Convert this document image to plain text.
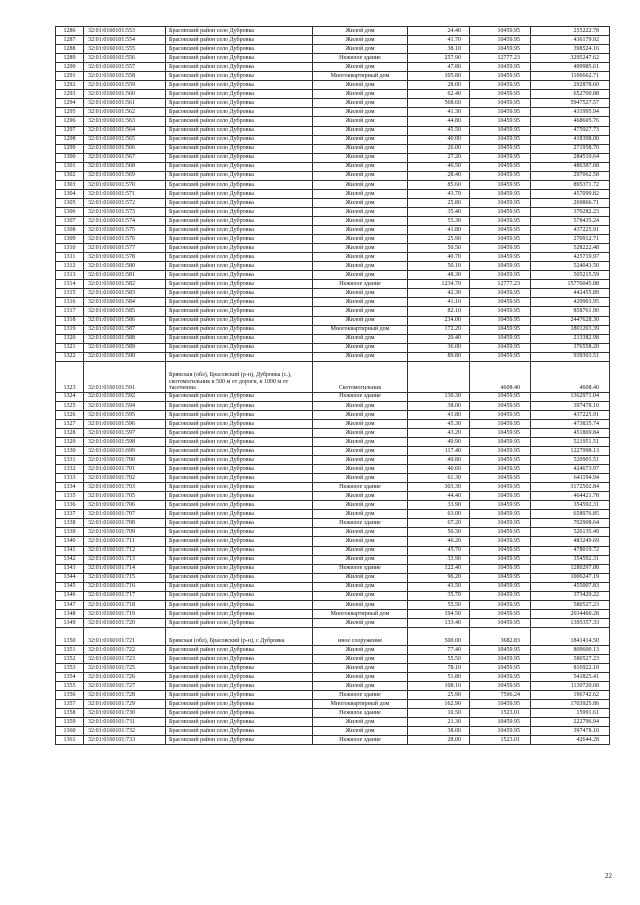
1286	32:01:0160101:553	Брасовский район село Дубровка	Жилой дом	24.40	10459.95	255222.78
1287	32:01:0160101:554	Брасовский район село Дубровка	Жилой дом	41.70	10459.95	436179.92
1288	32:01:0160101:555	Брасовский район село Дубровка	Жилой дом	38.10	10459.95	398524.16
1289	32:01:0160101:556	Брасовский район село Дубровка	Нежилое здание	257.90	12777.23	3295247.62
1290	32:01:0160101:557	Брасовский район село Дубровка	Жилой дом	47.80	10459.95	499985.61
1291	32:01:0160101:558	Брасовский район село Дубровка	Многоквартирный дом	105.80	10459.95	1106662.71
1292	32:01:0160101:559	Брасовский район село Дубровка	Жилой дом	28.00	10459.95	292878.60
1293	32:01:0160101:560	Брасовский район село Дубровка	Жилой дом	62.40	10459.95	652700.88
1294	32:01:0160101:561	Брасовский район село Дубровка	Жилой дом	568.60	10459.95	5947527.57
1295	32:01:0160101:562	Брасовский район село Дубровка	Жилой дом	41.30	10459.95	431995.94
1296	32:01:0160101:563	Брасовский район село Дубровка	Жилой дом	44.80	10459.95	468605.76
1297	32:01:0160101:564	Брасовский район село Дубровка	Жилой дом	45.50	10459.95	475927.73
1298	32:01:0160101:565	Брасовский район село Дубровка	Жилой дом	40.00	10459.95	418398.00
1299	32:01:0160101:566	Брасовский район село Дубровка	Жилой дом	26.00	10459.95	271958.70
1300	32:01:0160101:567	Брасовский район село Дубровка	Жилой дом	27.20	10459.95	284510.64
1301	32:01:0160101:568	Брасовский район село Дубровка	Жилой дом	46.50	10459.95	486387.68
1302	32:01:0160101:569	Брасовский район село Дубровка	Жилой дом	28.40	10459.95	297062.58
1303	32:01:0160101:570	Брасовский район село Дубровка	Жилой дом	85.60	10459.95	895371.72
1304	32:01:0160101:571	Брасовский район село Дубровка	Жилой дом	43.70	10459.95	457099.82
1305	32:01:0160101:572	Брасовский район село Дубровка	Жилой дом	25.80	10459.95	269866.71
1306	32:01:0160101:573	Брасовский район село Дубровка	Жилой дом	35.40	10459.95	370282.23
1307	32:01:0160101:574	Брасовский район село Дубровка	Жилой дом	55.30	10459.95	578435.24
1308	32:01:0160101:575	Брасовский район село Дубровка	Жилой дом	41.80	10459.95	437225.91
1309	32:01:0160101:576	Брасовский район село Дубровка	Жилой дом	25.90	10459.95	270912.71
1310	32:01:0160101:577	Брасовский район село Дубровка	Жилой дом	50.50	10459.95	528222.48
1311	32:01:0160101:578	Брасовский район село Дубровка	Жилой дом	40.70	10459.95	425719.97
1312	32:01:0160101:580	Брасовский район село Дубровка	Жилой дом	50.10	10459.95	524043.50
1313	32:01:0160101:581	Брасовский район село Дубровка	Жилой дом	48.30	10459.95	505215.59
1314	32:01:0160101:582	Брасовский район село Дубровка	Нежилое здание	1234.70	12777.23	15776045.88
1315	32:01:0160101:583	Брасовский район село Дубровка	Жилой дом	42.30	10459.95	442455.89
1316	32:01:0160101:584	Брасовский район село Дубровка	Жилой дом	41.10	10459.95	429903.95
1317	32:01:0160101:585	Брасовский район село Дубровка	Жилой дом	82.10	10459.95	858761.90
1318	32:01:0160101:586	Брасовский район село Дубровка	Жилой дом	234.00	10459.95	2447628.30
1319	32:01:0160101:587	Брасовский район село Дубровка	Многоквартирный дом	172.20	10459.95	1801203.39
1320	32:01:0160101:588	Брасовский район село Дубровка	Жилой дом	20.40	10459.95	213382.98
1321	32:01:0160101:589	Брасовский район село Дубровка	Жилой дом	36.00	10459.95	376558.20
1322	32:01:0160101:590	Брасовский район село Дубровка	Жилой дом	89.80	10459.95	939303.51
1323	32:01:0160101:591	Брянская (обл), Брасовский (р-н), Дубровка (с.), скотомогильник в 500 м от дороги, в 1000 м от тасеченны	Скотомогильник		4608.40	4608.40
1324	32:01:0160101:592	Брасовский район село Дубровка	Нежилое здание	130.30	10459.95	1362971.04
1325	32:01:0160101:594	Брасовский район село Дубровка	Жилой дом	38.00	10459.95	397478.10
1326	32:01:0160101:595	Брасовский район село Дубровка	Жилой дом	41.80	10459.95	437225.91
1327	32:01:0160101:596	Брасовский район село Дубровка	Жилой дом	45.30	10459.95	473835.74
1328	32:01:0160101:597	Брасовский район село Дубровка	Жилой дом	43.20	10459.95	451869.84
1329	32:01:0160101:598	Брасовский район село Дубровка	Жилой дом	49.90	10459.95	521951.51
1330	32:01:0160101:699	Брасовский район село Дубровка	Жилой дом	117.40	10459.95	1227998.13
1331	32:01:0160101:700	Брасовский район село Дубровка	Жилой дом	49.80	10459.95	520905.51
1332	32:01:0160101:701	Брасовский район село Дубровка	Жилой дом	40.60	10459.95	424673.97
1333	32:01:0160101:702	Брасовский район село Дубровка	Жилой дом	61.30	10459.95	641194.94
1334	32:01:0160101:703	Брасовский район село Дубровка	Нежилое здание	303.30	10459.95	3172502.84
1335	32:01:0160101:705	Брасовский район село Дубровка	Жилой дом	44.40	10459.95	464421.78
1336	32:01:0160101:706	Брасовский район село Дубровка	Жилой дом	33.90	10459.95	354592.31
1337	32:01:0160101:707	Брасовский район село Дубровка	Жилой дом	63.00	10459.95	658976.85
1338	32:01:0160101:708	Брасовский район село Дубровка	Нежилое здание	67.20	10459.95	702908.64
1339	32:01:0160101:709	Брасовский район село Дубровка	Жилой дом	50.30	10459.95	526135.49
1340	32:01:0160101:711	Брасовский район село Дубровка	Жилой дом	46.20	10459.95	483249.69
1341	32:01:0160101:712	Брасовский район село Дубровка	Жилой дом	45.70	10459.95	478019.72
1342	32:01:0160101:713	Брасовский район село Дубровка	Жилой дом	33.90	10459.95	354592.31
1343	32:01:0160101:714	Брасовский район село Дубровка	Нежилое здание	122.40	10459.95	1280297.88
1344	32:01:0160101:715	Брасовский район село Дубровка	Жилой дом	96.20	10459.95	1006247.19
1345	32:01:0160101:716	Брасовский район село Дубровка	Жилой дом	43.50	10459.95	455007.83
1346	32:01:0160101:717	Брасовский район село Дубровка	Жилой дом	35.70	10459.95	373420.22
1347	32:01:0160101:718	Брасовский район село Дубровка	Жилой дом	55.50	10459.95	580527.23
1348	32:01:0160101:719	Брасовский район село Дубровка	Многоквартирный дом	194.50	10459.95	2034460.28
1349	32:01:0160101:720	Брасовский район село Дубровка	Жилой дом	133.40	10459.95	1395357.33
1350	32:01:0160101:721	Брянская (обл), Брасовский (р-н), с Дубровка	иное сооружение	500.00	3682.83	1841414.50
1351	32:01:0160101:722	Брасовский район село Дубровка	Жилой дом	77.40	10459.95	809600.13
1352	32:01:0160101:723	Брасовский район село Дубровка	Жилой дом	55.50	10459.95	580527.23
1353	32:01:0160101:725	Брасовский район село Дубровка	Жилой дом	78.10	10459.95	816922.10
1354	32:01:0160101:726	Брасовский район село Дубровка	Жилой дом	51.80	10459.95	541825.41
1355	32:01:0160101:727	Брасовский район село Дубровка	Жилой дом	108.10	10459.95	1130720.60
1356	32:01:0160101:728	Брасовский район село Дубровка	Нежилое здание	25.90	7596.24	196742.62
1357	32:01:0160101:729	Брасовский район село Дубровка	Многоквартирный дом	162.90	10459.95	1703925.86
1358	32:01:0160101:730	Брасовский район село Дубровка	Нежилое здание	10.50	1523.01	15991.61
1359	32:01:0160101:731	Брасовский район село Дубровка	Жилой дом	21.30	10459.95	222796.94
1360	32:01:0160101:732	Брасовский район село Дубровка	Жилой дом	38.00	10459.95	397478.10
1361	32:01:0160101:733	Брасовский район село Дубровка	Нежилое здание	28.00	1523.01	42644.28
22
